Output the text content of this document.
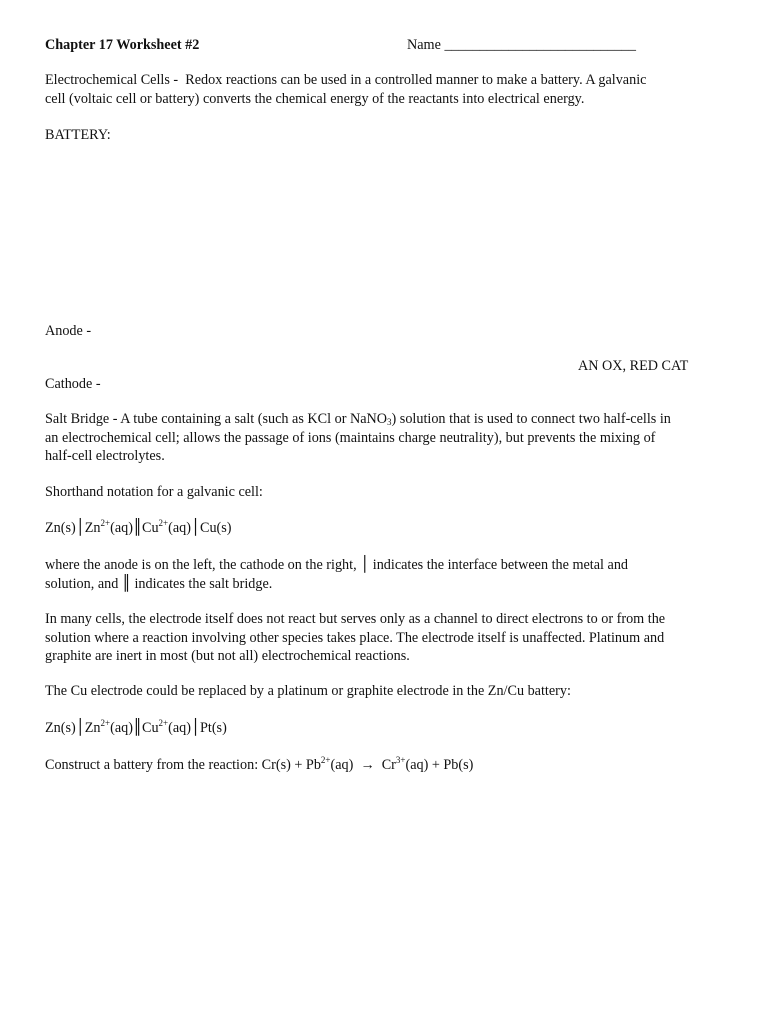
Chapter 17 Worksheet #2	Name ___________________________
Electrochemical Cells - Redox reactions can be used in a controlled manner to make a battery. A galvanic
cell (voltaic cell or battery) converts the chemical energy of the reactants into electrical energy.
BATTERY:
Anode -
AN OX, RED CAT
Cathode -
Salt Bridge - A tube containing a salt (such as KCl or NaNO$_3$) solution that is used to connect two half-cells in
an electrochemical cell; allows the passage of ions (maintains charge neutrality), but prevents the mixing of
half-cell electrolytes.
Shorthand notation for a galvanic cell:
$Zn(s)│Zn^{2+}(aq)║Cu^{2+}(aq)│Cu(s)$
where the anode is on the left, the cathode on the right, │ indicates the interface between the metal and
solution, and ║ indicates the salt bridge.
In many cells, the electrode itself does not react but serves only as a channel to direct electrons to or from the
solution where a reaction involving other species takes place. The electrode itself is unaffected. Platinum and
graphite are inert in most (but not all) electrochemical reactions.
The Cu electrode could be replaced by a platinum or graphite electrode in the Zn/Cu battery:
$Zn(s)│Zn^{2+}(aq)║Cu^{2+}(aq)│Pt(s)$
Construct a battery from the reaction: $Cr(s) + Pb^{2+}(aq) \to Cr^{3+}(aq) + Pb(s)$
